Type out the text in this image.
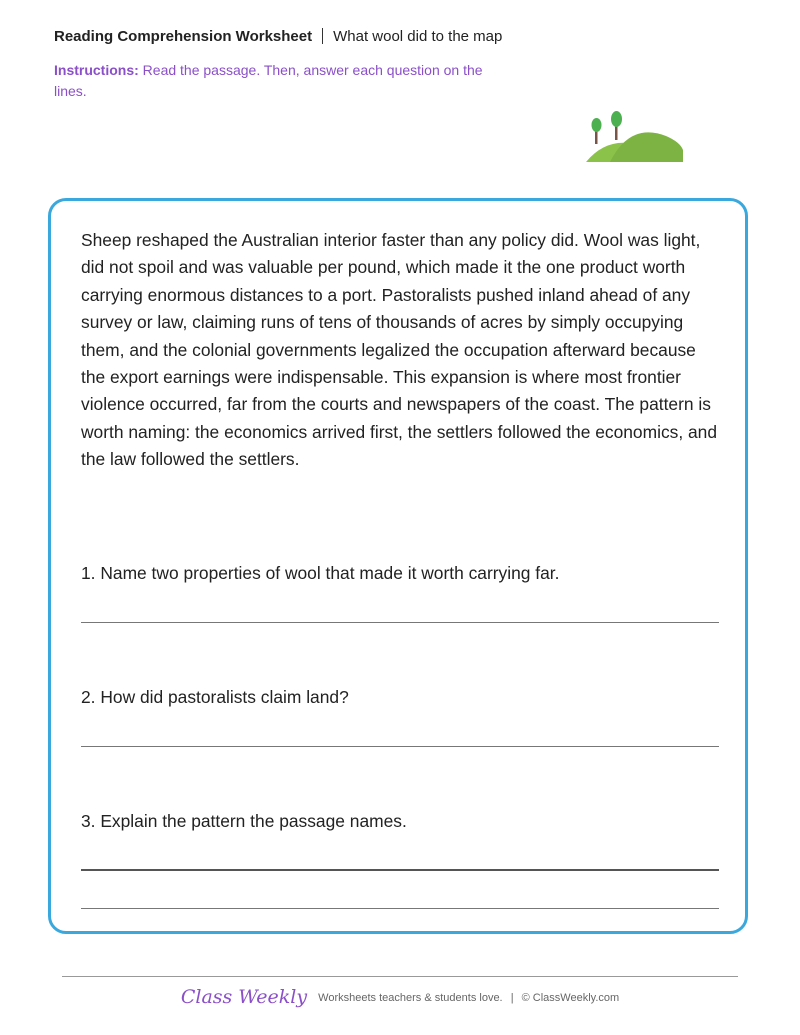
Reading Comprehension Worksheet What wool did to the map
Instructions: Read the passage. Then, answer each question on the lines.
Sheep reshaped the Australian interior faster than any policy did. Wool was light, did not spoil and was valuable per pound, which made it the one product worth carrying enormous distances to a port. Pastoralists pushed inland ahead of any survey or law, claiming runs of tens of thousands of acres by simply occupying them, and the colonial governments legalized the occupation afterward because the export earnings were indispensable. This expansion is where most frontier violence occurred, far from the courts and newspapers of the coast. The pattern is worth naming: the economics arrived first, the settlers followed the economics, and the law followed the settlers.
1. Name two properties of wool that made it worth carrying far.
2. How did pastoralists claim land?
3. Explain the pattern the passage names.
Class Weekly Worksheets teachers & students love. | © ClassWeekly.com
